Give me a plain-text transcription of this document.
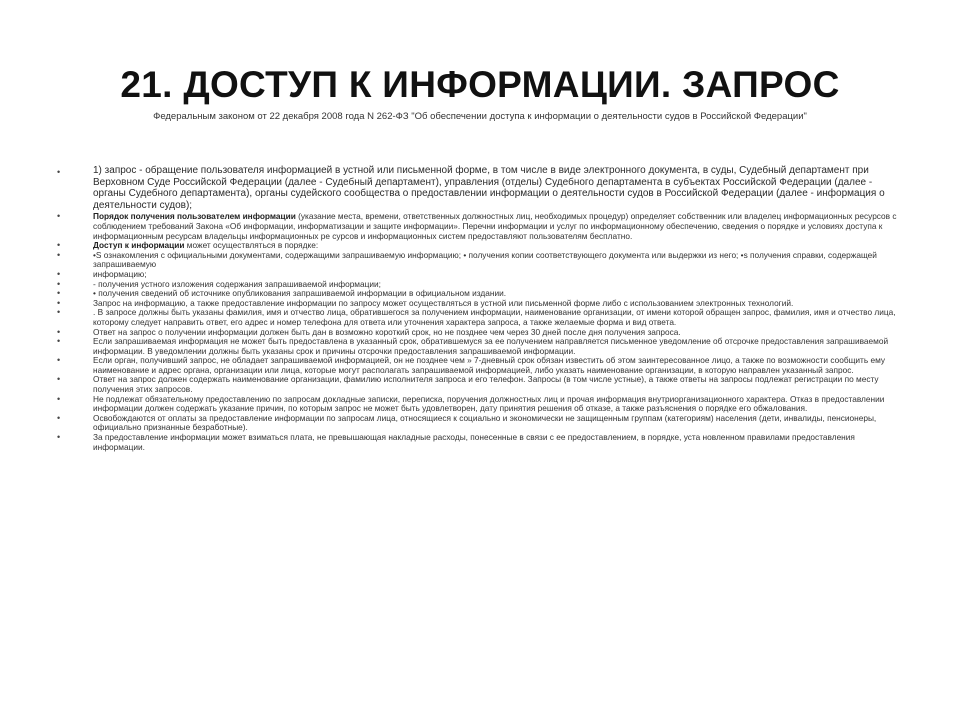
21. ДОСТУП К ИНФОРМАЦИИ. ЗАПРОС
Федеральным законом от 22 декабря 2008 года N 262-ФЗ "Об обеспечении доступа к информации о деятельности судов в Российской Федерации"
•	1) запрос - обращение пользователя информацией в устной или письменной форме, в том числе в виде электронного документа, в суды, Судебный департамент при Верховном Суде Российской Федерации (далее - Судебный департамент), управления (отделы) Судебного департамента в субъектах Российской Федерации (далее - органы Судебного департамента), органы судейского сообщества о предоставлении информации о деятельности судов в Российской Федерации (далее - информация о деятельности судов);
•	Порядок получения пользователем информации (указание места, времени, ответственных должностных лиц, необходимых процедур) определяет собственник или владелец информационных ресурсов с соблюдением требований Закона «Об информации, информатизации и защите информации». Перечни информации и услуг по информационному обеспечению, сведения о порядке и условиях доступа к информационным ресурсам владельцы информационных ре сурсов и информационных систем предоставляют пользователям бесплатно.
•	Доступ к информации может осуществляться в порядке:
•	•S ознакомления с официальными документами, содержащими запрашиваемую информацию; • получения копии соответствующего документа или выдержки из него; •s получения справки, содержащей запрашиваемую
•	информацию;
•	- получения устного изложения содержания запрашиваемой информации;
•	• получения сведений об источнике опубликования запрашиваемой информации в официальном издании.
•	Запрос на информацию, а также предоставление информации по запросу может осуществляться в устной или письменной форме либо с использованием электронных технологий.
•	. В запросе должны быть указаны фамилия, имя и отчество лица, обратившегося за получением информации, наименование организации, от имени которой обращен запрос, фамилия, имя и отчество лица, которому следует направить ответ, его адрес и номер телефона для ответа или уточнения характера запроса, а также желаемые форма и вид ответа.
•	Ответ на запрос о получении информации должен быть дан в возможно короткий срок, но не позднее чем через 30 дней после дня получения запроса.
•	Если запрашиваемая информация не может быть предоставлена в указанный срок, обратившемуся за ее получением направляется письменное уведомление об отсрочке предоставления запрашиваемой информации. В уведомлении должны быть указаны срок и причины отсрочки предоставления запрашиваемой информации.
•	Если орган, получивший запрос, не обладает запрашиваемой информацией, он не позднее чем » 7-дневный срок обязан известить об этом заинтересованное лицо, а также по возможности сообщить ему наименование и адрес органа, организации или лица, которые могут располагать запрашиваемой информацией, либо указать наименование организации, в которую направлен указанный запрос.
•	Ответ на запрос должен содержать наименование организации, фамилию исполнителя запроса и его телефон. Запросы (в том числе устные), а также ответы на запросы подлежат регистрации по месту получения этих запросов.
•	Не подлежат обязательному предоставлению по запросам докладные записки, переписка, поручения должностных лиц и прочая информация внутриорганизационного характера. Отказ в предоставлении информации должен содержать указание причин, по которым запрос не может быть удовлетворен, дату принятия решения об отказе, а также разъяснения о порядке его обжалования.
•	Освобождаются от оплаты за предоставление информации по запросам лица, относящиеся к социально и экономически не защищенным группам (категориям) населения (дети, инвалиды, пенсионеры, официально признанные безработные).
•	За предоставление информации может взиматься плата, не превышающая накладные расходы, понесенные в связи с ее предоставлением, в порядке, уста новленном правилами предоставления информации.
